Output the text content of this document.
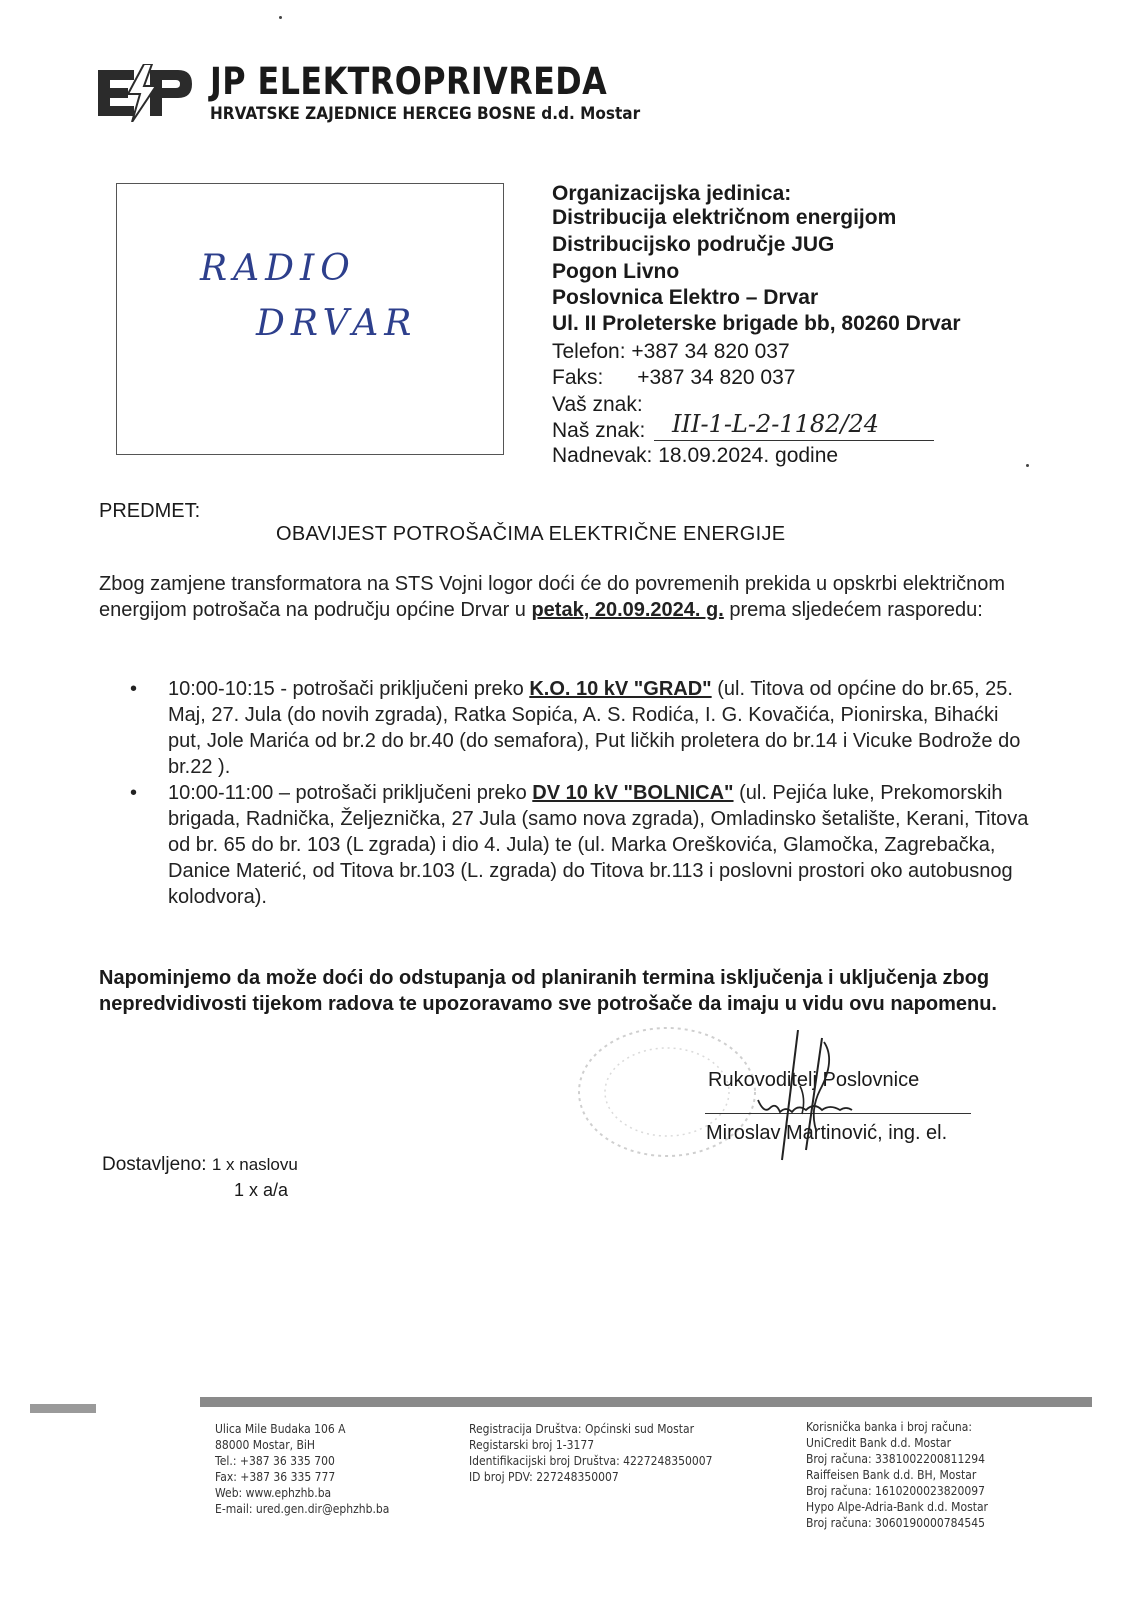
JP ELEKTROPRIVREDA
HRVATSKE ZAJEDNICE HERCEG BOSNE d.d. Mostar
RADIO
DRVAR
Organizacijska jedinica:
Distribucija električnom energijom
Distribucijsko područje JUG
Pogon Livno
Poslovnica Elektro – Drvar
Ul. II Proleterske brigade bb, 80260 Drvar
Telefon: +387 34 820 037
Faks: +387 34 820 037
Vaš znak:
Naš znak: III-1-L-2-1182/24
Nadnevak: 18.09.2024. godine
PREDMET:
OBAVIJEST POTROŠAČIMA ELEKTRIČNE ENERGIJE
Zbog zamjene transformatora na STS Vojni logor doći će do povremenih prekida u opskrbi električnom energijom potrošača na području općine Drvar u petak, 20.09.2024. g. prema sljedećem rasporedu:
• 10:00-10:15 - potrošači priključeni preko K.O. 10 kV "GRAD" (ul. Titova od općine do br.65, 25. Maj, 27. Jula (do novih zgrada), Ratka Sopića, A. S. Rodića, I. G. Kovačića, Pionirska, Bihaćki put, Jole Marića od br.2 do br.40 (do semafora), Put ličkih proletera do br.14 i Vicuke Bodrože do br.22 ).
• 10:00-11:00 – potrošači priključeni preko DV 10 kV "BOLNICA" (ul. Pejića luke, Prekomorskih brigada, Radnička, Željeznička, 27 Jula (samo nova zgrada), Omladinsko šetalište, Kerani, Titova od br. 65 do br. 103 (L zgrada) i dio 4. Jula) te (ul. Marka Oreškovića, Glamočka, Zagrebačka, Danice Materić, od Titova br.103 (L. zgrada) do Titova br.113 i poslovni prostori oko autobusnog kolodvora).
Napominjemo da može doći do odstupanja od planiranih termina isključenja i uključenja zbog nepredvidivosti tijekom radova te upozoravamo sve potrošače da imaju u vidu ovu napomenu.
Rukovoditelj Poslovnice
Miroslav Martinović, ing. el.
Dostavljeno: 1 x naslovu
1 x a/a
Ulica Mile Budaka 106 A
88000 Mostar, BiH
Tel.: +387 36 335 700
Fax: +387 36 335 777
Web: www.ephzhb.ba
E-mail: ured.gen.dir@ephzhb.ba
Registracija Društva: Općinski sud Mostar
Registarski broj 1-3177
Identifikacijski broj Društva: 4227248350007
ID broj PDV: 227248350007
Korisnička banka i broj računa:
UniCredit Bank d.d. Mostar
Broj računa: 3381002200811294
Raiffeisen Bank d.d. BH, Mostar
Broj računa: 1610200023820097
Hypo Alpe-Adria-Bank d.d. Mostar
Broj računa: 3060190000784545
